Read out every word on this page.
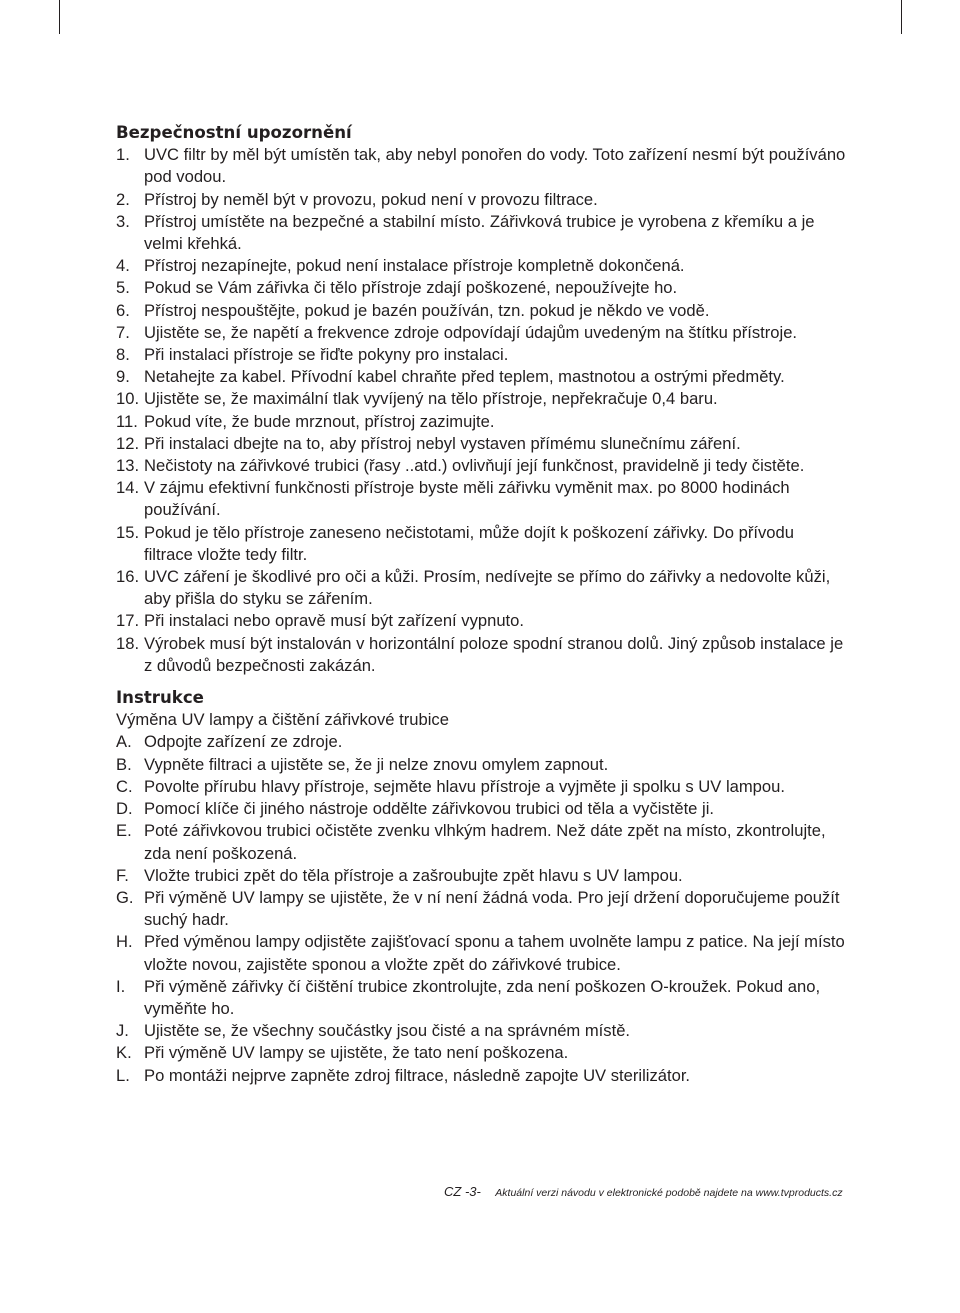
Bezpečnostní upozornění
1. UVC filtr by měl být umístěn tak, aby nebyl ponořen do vody. Toto zařízení nesmí být používáno pod vodou.
2. Přístroj by neměl být v provozu, pokud není v provozu filtrace.
3. Přístroj umístěte na bezpečné a stabilní místo. Zářivková trubice je vyrobena z křemíku a je velmi křehká.
4. Přístroj nezapínejte, pokud není instalace přístroje kompletně dokončená.
5. Pokud se Vám zářivka či tělo přístroje zdají poškozené, nepoužívejte ho.
6. Přístroj nespouštějte, pokud je bazén používán, tzn. pokud je někdo ve vodě.
7. Ujistěte se, že napětí a frekvence zdroje odpovídají údajům uvedeným na štítku přístroje.
8. Při instalaci přístroje se řiďte pokyny pro instalaci.
9. Netahejte za kabel. Přívodní kabel chraňte před teplem, mastnotou a ostrými předměty.
10. Ujistěte se, že maximální tlak vyvíjený na tělo přístroje, nepřekračuje 0,4 baru.
11. Pokud víte, že bude mrznout, přístroj zazimujte.
12. Při instalaci dbejte na to, aby přístroj nebyl vystaven přímému slunečnímu záření.
13. Nečistoty na zářivkové trubici (řasy ..atd.) ovlivňují její funkčnost, pravidelně ji tedy čistěte.
14. V zájmu efektivní funkčnosti přístroje byste měli zářivku vyměnit max. po 8000 hodinách používání.
15. Pokud je tělo přístroje zaneseno nečistotami, může dojít k poškození zářivky. Do přívodu filtrace vložte tedy filtr.
16. UVC záření je škodlivé pro oči a kůži. Prosím, nedívejte se přímo do zářivky a nedovolte kůži, aby přišla do styku se zářením.
17. Při instalaci nebo opravě musí být zařízení vypnuto.
18. Výrobek musí být instalován v horizontální poloze spodní stranou dolů. Jiný způsob instalace je z důvodů bezpečnosti zakázán.
Instrukce

Výměna UV lampy a čištění zářivkové trubice

A. Odpojte zařízení ze zdroje.
B. Vypněte filtraci a ujistěte se, že ji nelze znovu omylem zapnout.
C. Povolte přírubu hlavy přístroje, sejměte hlavu přístroje a vyjměte ji spolku s UV lampou.
D. Pomocí klíče či jiného nástroje oddělte zářivkovou trubici od těla a vyčistěte ji.
E. Poté zářivkovou trubici očistěte zvenku vlhkým hadrem. Než dáte zpět na místo, zkontrolujte, zda není poškozená.
F. Vložte trubici zpět do těla přístroje a zašroubujte zpět hlavu s UV lampou.
G. Při výměně UV lampy se ujistěte, že v ní není žádná voda. Pro její držení doporučujeme použít suchý hadr.
H. Před výměnou lampy odjistěte zajišťovací sponu a tahem uvolněte lampu z patice. Na její místo vložte novou, zajistěte sponou a vložte zpět do zářivkové trubice.
I. Při výměně zářivky čí čištění trubice zkontrolujte, zda není poškozen O-kroužek. Pokud ano, vyměňte ho.
J. Ujistěte se, že všechny součástky jsou čisté a na správném místě.
K. Při výměně UV lampy se ujistěte, že tato není poškozena.
L. Po montáži nejprve zapněte zdroj filtrace, následně zapojte UV sterilizátor.
CZ -3- Aktuální verzi návodu v elektronické podobě najdete na www.tvproducts.cz
